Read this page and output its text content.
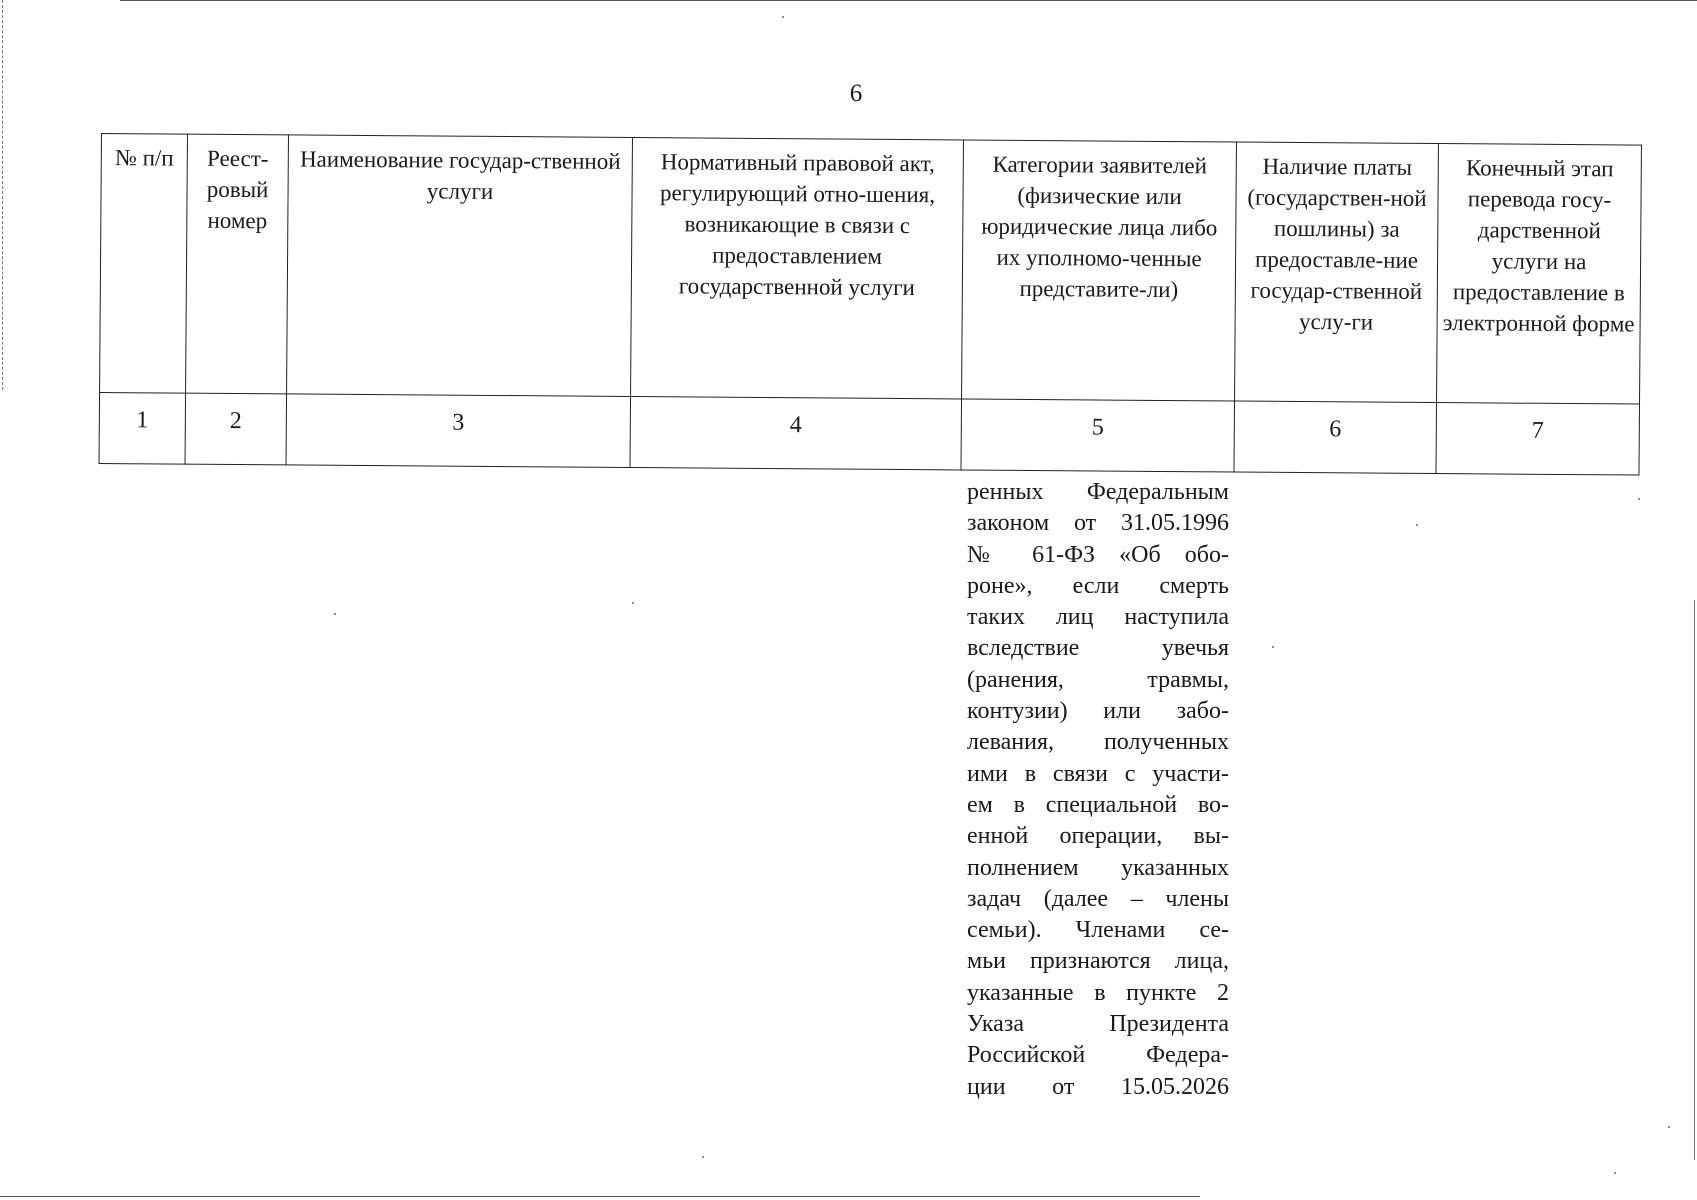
6
№ п/п	Реест-ровый номер	Наименование государ-ственной услуги	Нормативный правовой акт, регулирующий отно-шения, возникающие в связи с предоставлением государственной услуги	Категории заявителей (физические или юридические лица либо их уполномо-ченные представите-ли)	Наличие платы (государствен-ной пошлины) за предоставле-ние государ-ственной услу-ги	Конечный этап перевода госу-дарственной услуги на предоставление в электронной форме
1	2	3	4	5	6	7
ренных Федеральным
законом от 31.05.1996
№ 61-ФЗ «Об обо-
роне», если смерть
таких лиц наступила
вследствие увечья
(ранения, травмы,
контузии) или забо-
левания, полученных
ими в связи с участи-
ем в специальной во-
енной операции, вы-
полнением указанных
задач (далее – члены
семьи). Членами се-
мьи признаются лица,
указанные в пункте 2
Указа Президента
Российской Федера-
ции от 15.05.2026
